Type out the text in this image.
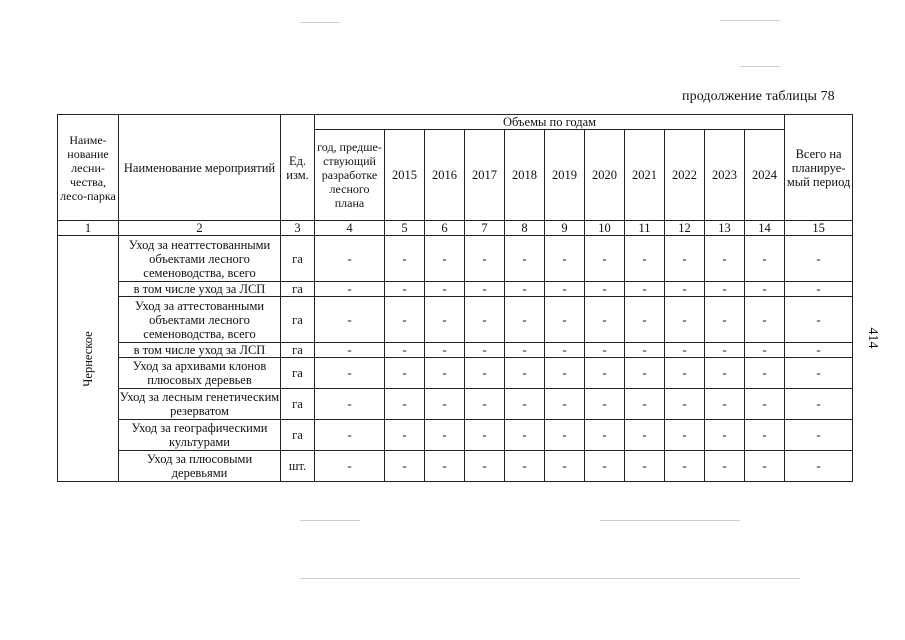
продолжение таблицы 78
414
Наиме-нование лесни-чества, лесо-парка	Наименование мероприятий	Ед. изм.	Объемы по годам											Всего на планируе-мый период
			год, предше-ствующий разработке лесного плана	2015	2016	2017	2018	2019	2020	2021	2022	2023	2024	
1	2	3	4	5	6	7	8	9	10	11	12	13	14	15

Чернеское	Уход за неаттестованными объектами лесного семеноводства, всего	га	-	-	-	-	-	-	-	-	-	-	-	-
	в том числе уход за ЛСП	га	-	-	-	-	-	-	-	-	-	-	-	-
	Уход за аттестованными объектами лесного семеноводства, всего	га	-	-	-	-	-	-	-	-	-	-	-	-
	в том числе уход за ЛСП	га	-	-	-	-	-	-	-	-	-	-	-	-
	Уход за архивами клонов плюсовых деревьев	га	-	-	-	-	-	-	-	-	-	-	-	-
	Уход за лесным генетическим резерватом	га	-	-	-	-	-	-	-	-	-	-	-	-
	Уход за географическими культурами	га	-	-	-	-	-	-	-	-	-	-	-	-
	Уход за плюсовыми деревьями	шт.	-	-	-	-	-	-	-	-	-	-	-	-
